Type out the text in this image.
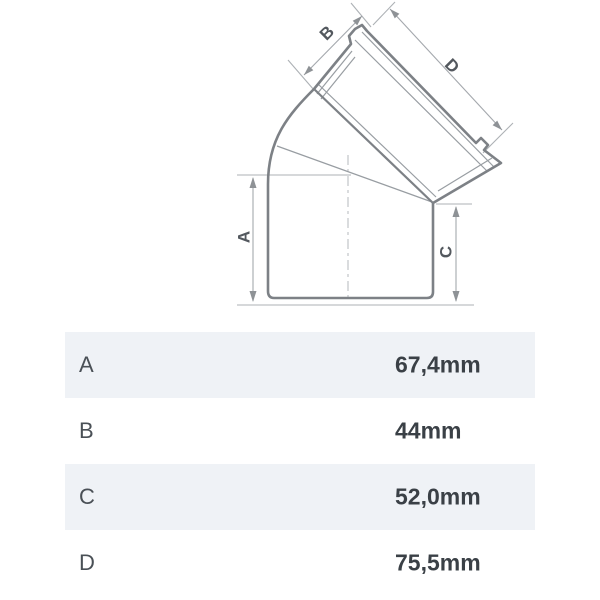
A
B
C
D
A	67,4mm
B	44mm
C	52,0mm
D	75,5mm
